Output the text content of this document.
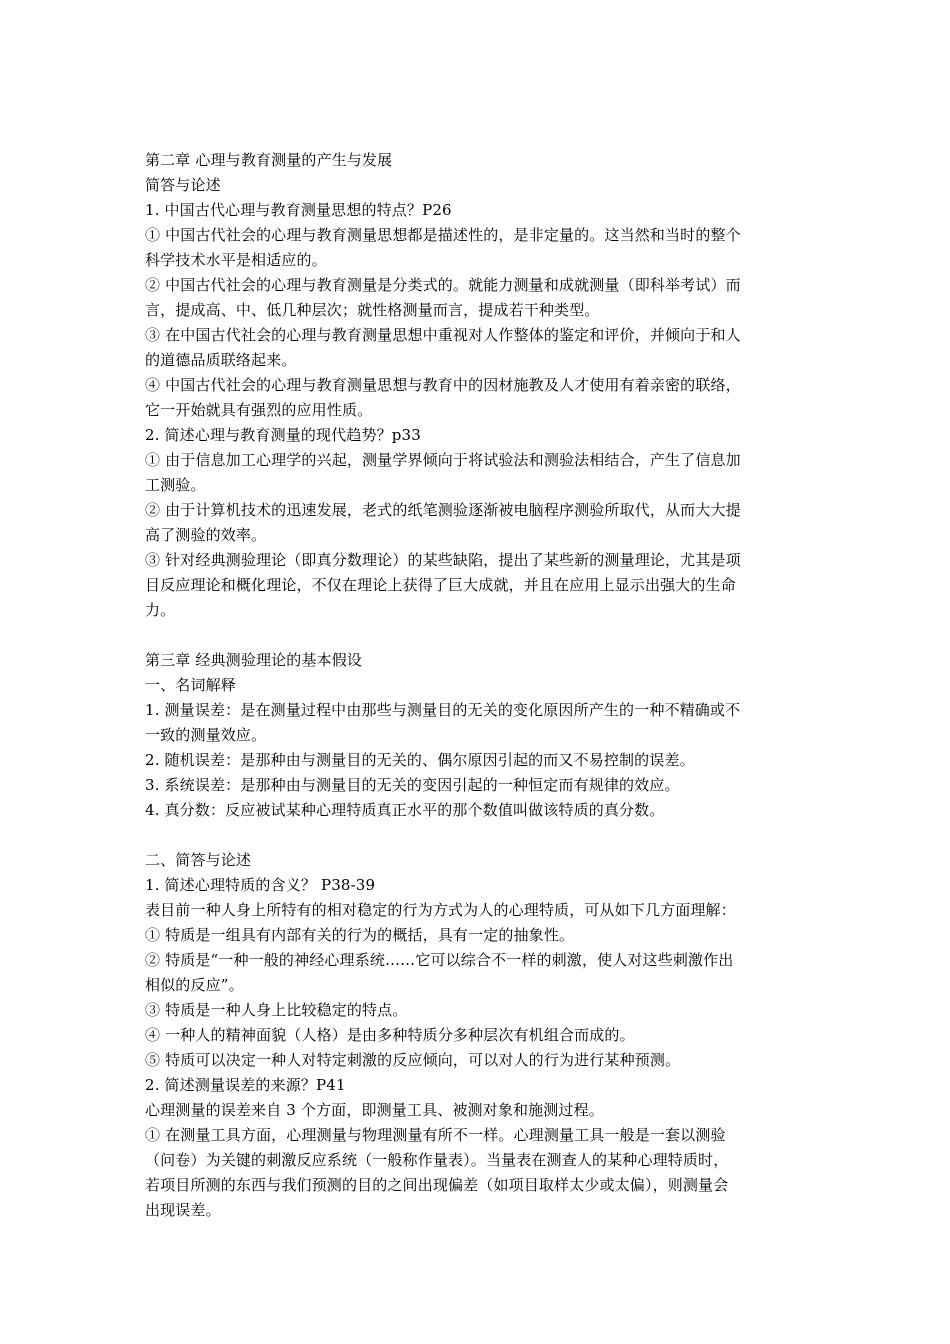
第二章 心理与教育测量的产生与发展
简答与论述
1. 中国古代心理与教育测量思想的特点？P26
① 中国古代社会的心理与教育测量思想都是描述性的，是非定量的。这当然和当时的整个
科学技术水平是相适应的。
② 中国古代社会的心理与教育测量是分类式的。就能力测量和成就测量（即科举考试）而
言，提成高、中、低几种层次；就性格测量而言，提成若干种类型。
③ 在中国古代社会的心理与教育测量思想中重视对人作整体的鉴定和评价，并倾向于和人
的道德品质联络起来。
④ 中国古代社会的心理与教育测量思想与教育中的因材施教及人才使用有着亲密的联络，
它一开始就具有强烈的应用性质。
2. 简述心理与教育测量的现代趋势？p33
① 由于信息加工心理学的兴起，测量学界倾向于将试验法和测验法相结合，产生了信息加
工测验。
② 由于计算机技术的迅速发展，老式的纸笔测验逐渐被电脑程序测验所取代，从而大大提
高了测验的效率。
③ 针对经典测验理论（即真分数理论）的某些缺陷，提出了某些新的测量理论，尤其是项
目反应理论和概化理论，不仅在理论上获得了巨大成就，并且在应用上显示出强大的生命
力。
第三章 经典测验理论的基本假设
一、名词解释
1. 测量误差：是在测量过程中由那些与测量目的无关的变化原因所产生的一种不精确或不
一致的测量效应。
2. 随机误差：是那种由与测量目的无关的、偶尔原因引起的而又不易控制的误差。
3. 系统误差：是那种由与测量目的无关的变因引起的一种恒定而有规律的效应。
4. 真分数：反应被试某种心理特质真正水平的那个数值叫做该特质的真分数。
二、简答与论述
1. 简述心理特质的含义？ P38-39
表目前一种人身上所特有的相对稳定的行为方式为人的心理特质，可从如下几方面理解：
① 特质是一组具有内部有关的行为的概括，具有一定的抽象性。
② 特质是“一种一般的神经心理系统……它可以综合不一样的刺激，使人对这些刺激作出
相似的反应”。
③ 特质是一种人身上比较稳定的特点。
④ 一种人的精神面貌（人格）是由多种特质分多种层次有机组合而成的。
⑤ 特质可以决定一种人对特定刺激的反应倾向，可以对人的行为进行某种预测。
2. 简述测量误差的来源？P41
心理测量的误差来自 3 个方面，即测量工具、被测对象和施测过程。
① 在测量工具方面，心理测量与物理测量有所不一样。心理测量工具一般是一套以测验
（问卷）为关键的刺激反应系统（一般称作量表）。当量表在测查人的某种心理特质时，
若项目所测的东西与我们预测的目的之间出现偏差（如项目取样太少或太偏），则测量会
出现误差。
